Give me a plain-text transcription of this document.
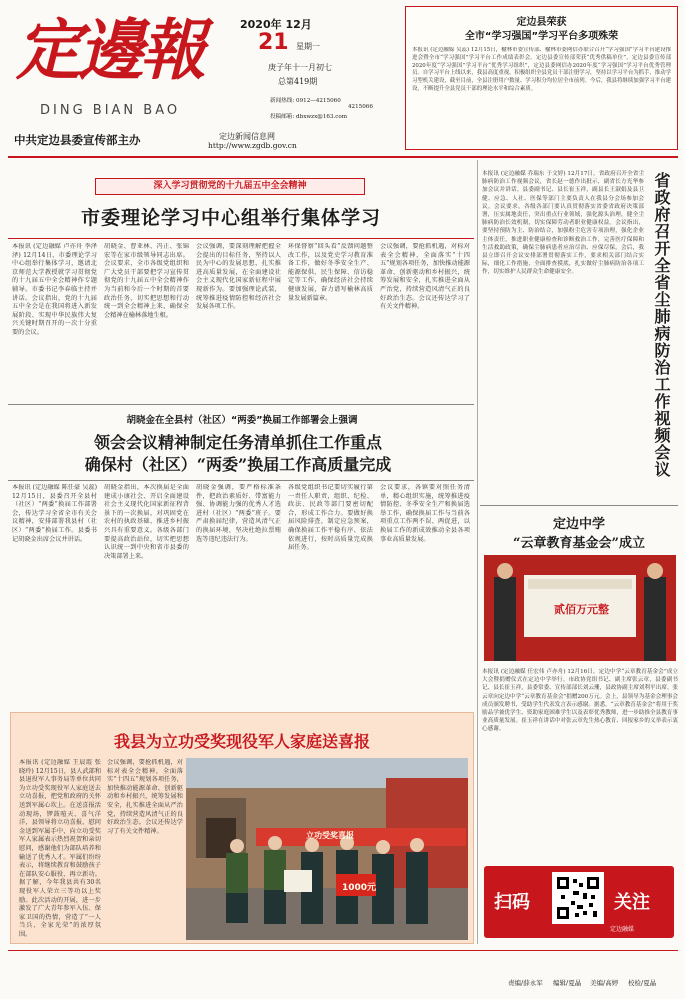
定邊報
DING BIAN BAO
2020年 12月
21 星期一
庚子年十一月初七
总第419期
新闻热线: 0912—4215060
4215066
投稿邮箱: dbxwzx@163.com
中共定边县委宣传部主办	定边新闻信息网
http://www.zgdb.gov.cn
定边县荣获
全市“学习强国”学习平台多项殊荣
本报讯 (定边融媒 吴蕊) 12月15日，榆林市委宣传部、榆林市委网信办联合召开“学习强国”学习平台建设推进会暨全市“学习强国”学习平台工作成绩表彰会。定边县委宣传部荣获“优秀供稿单位”，定边县委宣传部2020年度“学习强国”学习平台“优秀学习组织”，定边县委网信办2020年度“学习强国”学习平台优秀管理员。自学习平台上线以来，我县高度重视，积极组织全县党员干部注册学习，坚持以学习平台为抓手，推动学习型机关建设，截至目前，全县注册用户数量、学习积分均位居全市前列。今后，我县将继续加强学习平台建设，不断提升全县党员干部的理论水平和综合素质。
深入学习贯彻党的十九届五中全会精神
市委理论学习中心组举行集体学习
本报讯 (定边融媒 卢亦舟 李泽泽) 12月14日，市委理论学习中心组举行集体学习，邀请北京师范大学教授就学习贯彻党的十九届五中全会精神作专题辅导。市委书记李春临主持并讲话。会议指出，党的十九届五中全会是在我国将进入新发展阶段、实现中华民族伟大复兴关键时期召开的一次十分重要的会议。
胡晓金、曹亚林、冯正、张锦宏等在家市级领导同志出席。会议要求，全市各级党组织和广大党员干部要把学习宣传贯彻党的十九届五中全会精神作为当前和今后一个时期的首要政治任务，切实把思想和行动统一到全会精神上来，确保全会精神在榆林落地生根。
会议强调，要深刻理解把握全会提出的目标任务，坚持以人民为中心的发展思想，扎实推进高质量发展，在全面建设社会主义现代化国家新征程中展现新作为。要加强理论武装，统筹推进疫情防控和经济社会发展各项工作。
环保督察“回头看”反馈问题整改工作，以及党史学习教育准备工作，做好冬季安全生产、能源保供、民生保障、信访稳定等工作，确保经济社会持续健康发展，奋力谱写榆林高质量发展新篇章。
会议强调，要抢抓机遇，对标对表全会精神，全面落实“十四五”规划各项任务，加快推动能源革命、创新驱动和乡村振兴，统筹发展和安全，扎实推进全面从严治党，持续营造风清气正的良好政治生态。会议还传达学习了有关文件精神。
胡晓金在全县村（社区）“两委”换届工作部署会上强调
领会会议精神制定任务清单抓住工作重点
确保村（社区）“两委”换届工作高质量完成
本报讯 (定边融媒 陈任豪 吴蕊) 12月15日，县委召开全县村（社区）“两委”换届工作部署会，传达学习全省全市有关会议精神，安排部署我县村（社区）“两委”换届工作。县委书记胡晓金出席会议并讲话。
胡晓金指出，本次换届是全面建成小康社会、开启全面建设社会主义现代化国家新征程背景下的一次换届，对巩固党在农村的执政基础、推进乡村振兴具有重要意义。各级各部门要提高政治站位，切实把思想认识统一到中央和省市县委的决策部署上来。
胡晓金强调，要严格标准条件，把政治素质好、带富能力强、协调能力强的优秀人才选进村（社区）“两委”班子。要严肃换届纪律，营造风清气正的换届环境，坚决杜绝拉票贿选等违纪违法行为。
各级党组织书记要切实履行第一责任人职责，组织、纪检、政法、民政等部门要密切配合，形成工作合力。要做好换届风险排查，制定应急预案，确保换届工作平稳有序、依法依规进行，按时高质量完成换届任务。
会议要求，各镇要对照任务清单，精心组织实施，统筹推进疫情防控、冬季安全生产和换届选举工作，确保换届工作与当前各项重点工作两不误、两促进，以换届工作的新成效推动全县各项事业高质量发展。
我县为立功受奖现役军人家庭送喜报
本报讯 (定边融媒 王晨霞 张晓玲) 12月15日，县人武部和县退役军人事务局等单位共同为立功受奖现役军人家庭送去立功喜报，把党和政府的关怀送到军属心坎上。在送喜报活动现场，锣鼓喧天、喜气洋洋，县领导将立功喜报、慰问金送到军属手中，向立功受奖军人家属表示热烈祝贺和亲切慰问，感谢他们为部队培养和输送了优秀人才。军属们纷纷表示，将继续教育和鼓励孩子在部队安心服役、再立新功。据了解，今年我县共有30名现役军人荣立三等功以上奖励。此次活动的开展，进一步激发了广大青年参军入伍、保家卫国的热情，营造了“一人当兵、全家光荣”的浓厚氛围。
会议强调，要抢抓机遇，对标对表全会精神，全面落实“十四五”规划各项任务，加快推动能源革命、创新驱动和乡村振兴，统筹发展和安全，扎实推进全面从严治党，持续营造风清气正的良好政治生态。会议还传达学习了有关文件精神。	立功受奖喜报
1000元
省政府召开全省尘肺病防治工作视频会议
本报讯 (定边融媒 乔瑞东 于文婷) 12月17日，省政府召开全省尘肺病防治工作视频会议，省长赵一德作出批示，副省长方光华参加会议并讲话。县委副书记、县长崔玉祥，副县长王淑娟及县卫健、应急、人社、医保等部门主要负责人在我县分会场参加会议。会议要求，各级各部门要认真贯彻落实省委省政府决策部署，压实属地责任，突出重点行业领域，强化源头治理，健全尘肺病防治长效机制，切实保障劳动者职业健康权益。会议指出，要坚持预防为主、防治结合，加强粉尘危害专项治理，强化企业主体责任，推进职业健康检查和诊断救治工作，完善医疗保障和生活救助政策，确保尘肺病患者应治尽治、应保尽保。会后，我县立即召开会议安排部署贯彻落实工作，要求相关部门结合实际，细化工作措施，全面排查摸底，扎实做好尘肺病防治各项工作，切实维护人民群众生命健康安全。
定边中学
“云章教育基金会”成立
贰佰万元整
本报讯 (定边融媒 任宏伟 卢亦舟) 12月16日，定边中学“云章教育基金会”成立大会暨捐赠仪式在定边中学举行。市政协党组书记、副主席张云章，县委副书记、县长崔玉祥，县委常委、宣传部部长刘云珊，县政协副主席刘利平出席。张云章向定边中学“云章教育基金会”捐赠200万元。会上，县领导为基金会理事会成员颁发聘书，受助学生代表发言表示感谢。据悉，“云章教育基金会”将用于奖励品学兼优学生、资助家庭困难学生以及表彰优秀教师，进一步助推全县教育事业高质量发展。崔玉祥在讲话中对张云章先生热心教育、回报家乡的义举表示衷心感谢。
扫码	关注
定边融媒
责编/薛永军 编辑/夏晶 美编/高婷 校检/夏晶
